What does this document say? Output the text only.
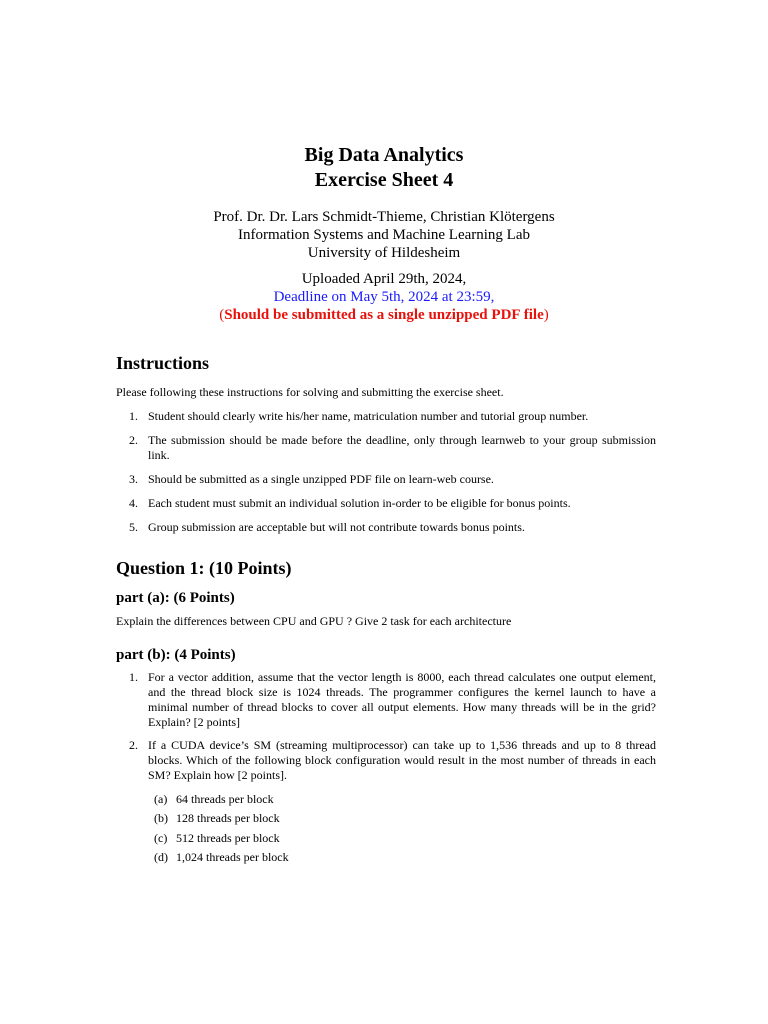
Big Data Analytics
Exercise Sheet 4
Prof. Dr. Dr. Lars Schmidt-Thieme, Christian Klötergens
Information Systems and Machine Learning Lab
University of Hildesheim
Uploaded April 29th, 2024,
Deadline on May 5th, 2024 at 23:59,
(Should be submitted as a single unzipped PDF file)
Instructions

Please following these instructions for solving and submitting the exercise sheet.

1. Student should clearly write his/her name, matriculation number and tutorial group number.
2. The submission should be made before the deadline, only through learnweb to your group submission link.
3. Should be submitted as a single unzipped PDF file on learn-web course.
4. Each student must submit an individual solution in-order to be eligible for bonus points.
5. Group submission are acceptable but will not contribute towards bonus points.
Question 1: (10 Points)
part (a): (6 Points)

Explain the differences between CPU and GPU ? Give 2 task for each architecture

part (b): (4 Points)
1. For a vector addition, assume that the vector length is 8000, each thread calculates one output element, and the thread block size is 1024 threads. The programmer configures the kernel launch to have a minimal number of thread blocks to cover all output elements. How many threads will be in the grid? Explain? [2 points]
2. If a CUDA device’s SM (streaming multiprocessor) can take up to 1,536 threads and up to 8 thread blocks. Which of the following block configuration would result in the most number of threads in each SM? Explain how [2 points].
(a) 64 threads per block
(b) 128 threads per block
(c) 512 threads per block
(d) 1,024 threads per block
